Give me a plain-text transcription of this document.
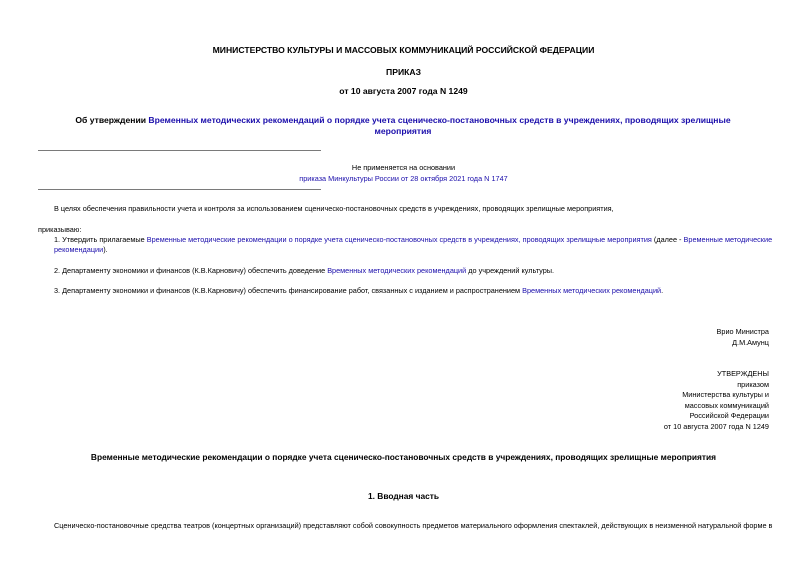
МИНИСТЕРСТВО КУЛЬТУРЫ И МАССОВЫХ КОММУНИКАЦИЙ РОССИЙСКОЙ ФЕДЕРАЦИИ
ПРИКАЗ
от 10 августа 2007 года N 1249
Об утверждении Временных методических рекомендаций о порядке учета сценическо-постановочных средств в учреждениях, проводящих зрелищные мероприятия
Не применяется на основании
приказа Минкультуры России от 28 октября 2021 года N 1747
В целях обеспечения правильности учета и контроля за использованием сценическо-постановочных средств в учреждениях, проводящих зрелищные мероприятия,
приказываю:
1. Утвердить прилагаемые Временные методические рекомендации о порядке учета сценическо-постановочных средств в учреждениях, проводящих зрелищные мероприятия (далее - Временные методические рекомендации).
2. Департаменту экономики и финансов (К.В.Карновичу) обеспечить доведение Временных методических рекомендаций до учреждений культуры.
3. Департаменту экономики и финансов (К.В.Карновичу) обеспечить финансирование работ, связанных с изданием и распространением Временных методических рекомендаций.
Врио Министра
Д.М.Амунц
УТВЕРЖДЕНЫ
приказом
Министерства культуры и
массовых коммуникаций
Российской Федерации
от 10 августа 2007 года N 1249
Временные методические рекомендации о порядке учета сценическо-постановочных средств в учреждениях, проводящих зрелищные мероприятия
1. Вводная часть
Сценическо-постановочные средства театров (концертных организаций) представляют собой совокупность предметов материального оформления спектаклей, действующих в неизменной натуральной форме в
